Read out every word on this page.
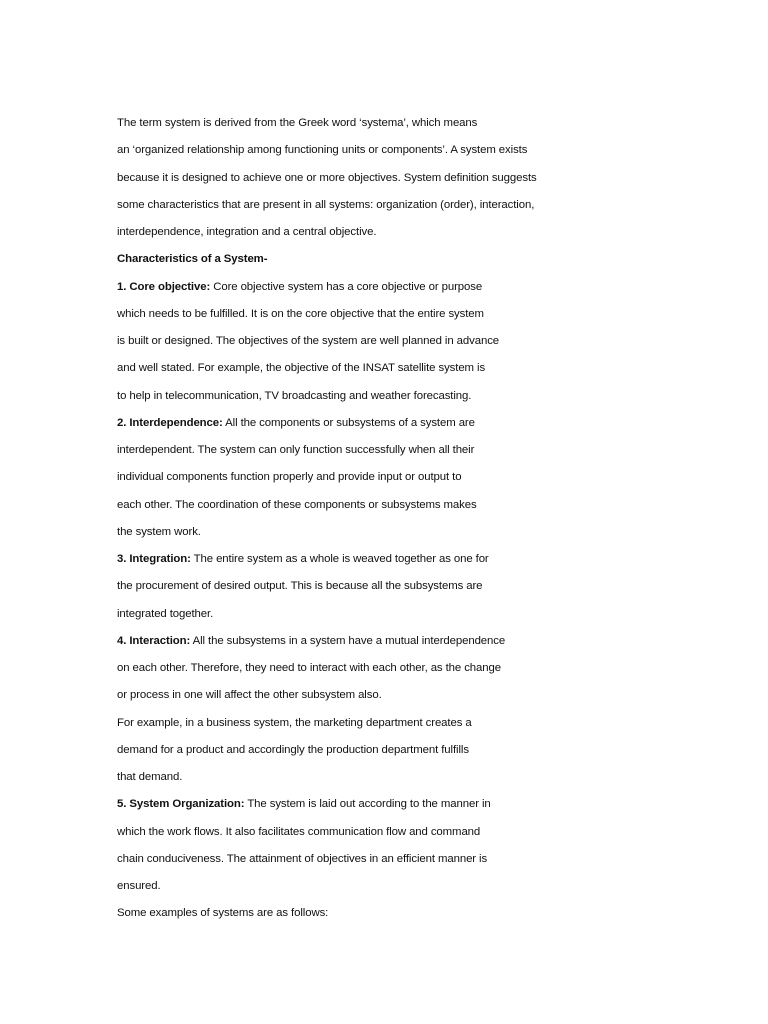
The term system is derived from the Greek word ‘systema’, which means
an ‘organized relationship among functioning units or components’. A system exists
because it is designed to achieve one or more objectives. System definition suggests
some characteristics that are present in all systems: organization (order), interaction,
interdependence, integration and a central objective.
Characteristics of a System-
1. Core objective: Core objective system has a core objective or purpose
which needs to be fulfilled. It is on the core objective that the entire system
is built or designed. The objectives of the system are well planned in advance
and well stated. For example, the objective of the INSAT satellite system is
to help in telecommunication, TV broadcasting and weather forecasting.
2. Interdependence: All the components or subsystems of a system are
interdependent. The system can only function successfully when all their
individual components function properly and provide input or output to
each other. The coordination of these components or subsystems makes
the system work.
3. Integration: The entire system as a whole is weaved together as one for
the procurement of desired output. This is because all the subsystems are
integrated together.
4. Interaction: All the subsystems in a system have a mutual interdependence
on each other. Therefore, they need to interact with each other, as the change
or process in one will affect the other subsystem also.
For example, in a business system, the marketing department creates a
demand for a product and accordingly the production department fulfills
that demand.
5. System Organization: The system is laid out according to the manner in
which the work flows. It also facilitates communication flow and command
chain conduciveness. The attainment of objectives in an efficient manner is
ensured.
Some examples of systems are as follows:
